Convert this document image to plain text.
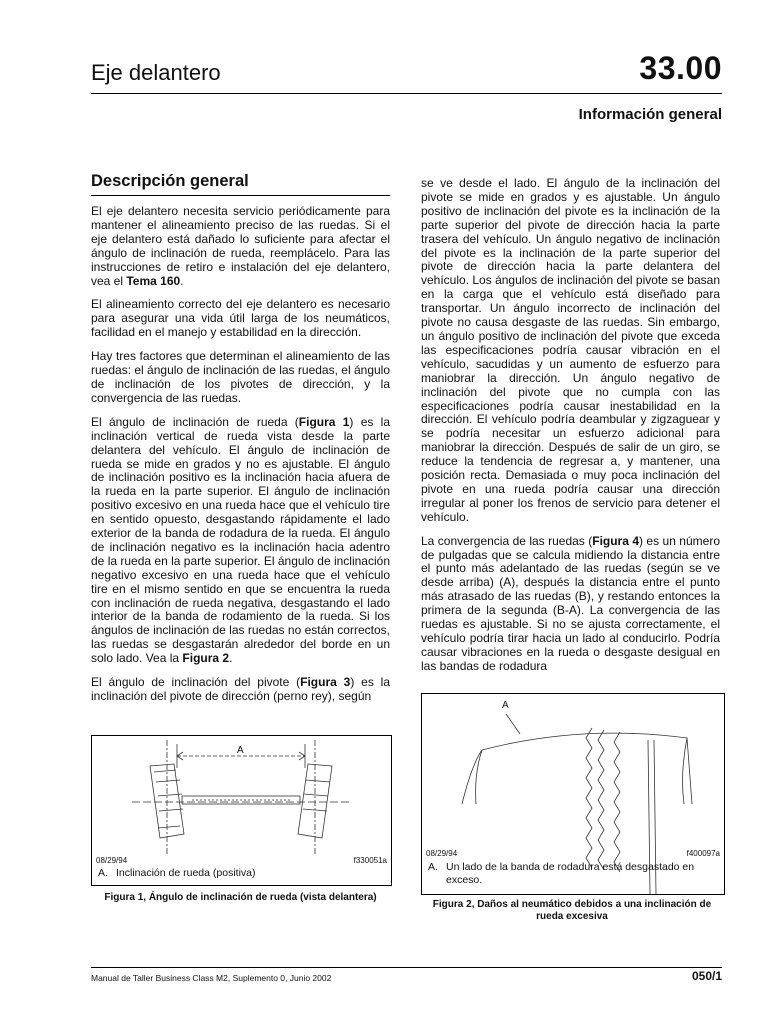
Eje delantero	33.00
Información general
Descripción general

El eje delantero necesita servicio periódicamente para mantener el alineamiento preciso de las ruedas. Si el eje delantero está dañado lo suficiente para afectar el ángulo de inclinación de rueda, reemplácelo. Para las instrucciones de retiro e instalación del eje delantero, vea el Tema 160.

El alineamiento correcto del eje delantero es necesario para asegurar una vida útil larga de los neumáticos, facilidad en el manejo y estabilidad en la dirección.

Hay tres factores que determinan el alineamiento de las ruedas: el ángulo de inclinación de las ruedas, el ángulo de inclinación de los pivotes de dirección, y la convergencia de las ruedas.

El ángulo de inclinación de rueda (Figura 1) es la inclinación vertical de rueda vista desde la parte delantera del vehículo. El ángulo de inclinación de rueda se mide en grados y no es ajustable. El ángulo de inclinación positivo es la inclinación hacia afuera de la rueda en la parte superior. El ángulo de inclinación positivo excesivo en una rueda hace que el vehículo tire en sentido opuesto, desgastando rápidamente el lado exterior de la banda de rodadura de la rueda. El ángulo de inclinación negativo es la inclinación hacia adentro de la rueda en la parte superior. El ángulo de inclinación negativo excesivo en una rueda hace que el vehículo tire en el mismo sentido en que se encuentra la rueda con inclinación de rueda negativa, desgastando el lado interior de la banda de rodamiento de la rueda. Si los ángulos de inclinación de las ruedas no están correctos, las ruedas se desgastarán alrededor del borde en un solo lado. Vea la Figura 2.

El ángulo de inclinación del pivote (Figura 3) es la inclinación del pivote de dirección (perno rey), según

se ve desde el lado. El ángulo de la inclinación del pivote se mide en grados y es ajustable. Un ángulo positivo de inclinación del pivote es la inclinación de la parte superior del pivote de dirección hacia la parte trasera del vehículo. Un ángulo negativo de inclinación del pivote es la inclinación de la parte superior del pivote de dirección hacia la parte delantera del vehículo. Los ángulos de inclinación del pivote se basan en la carga que el vehículo está diseñado para transportar. Un ángulo incorrecto de inclinación del pivote no causa desgaste de las ruedas. Sin embargo, un ángulo positivo de inclinación del pivote que exceda las especificaciones podría causar vibración en el vehículo, sacudidas y un aumento de esfuerzo para maniobrar la dirección. Un ángulo negativo de inclinación del pivote que no cumpla con las especificaciones podría causar inestabilidad en la dirección. El vehículo podría deambular y zigzaguear y se podría necesitar un esfuerzo adicional para maniobrar la dirección. Después de salir de un giro, se reduce la tendencia de regresar a, y mantener, una posición recta. Demasiada o muy poca inclinación del pivote en una rueda podría causar una dirección irregular al poner los frenos de servicio para detener el vehículo.

La convergencia de las ruedas (Figura 4) es un número de pulgadas que se calcula midiendo la distancia entre el punto más adelantado de las ruedas (según se ve desde arriba) (A), después la distancia entre el punto más atrasado de las ruedas (B), y restando entonces la primera de la segunda (B-A). La convergencia de las ruedas es ajustable. Si no se ajusta correctamente, el vehículo podría tirar hacia un lado al conducirlo. Podría causar vibraciones en la rueda o desgaste desigual en las bandas de rodadura

A
08/29/94	f330051a
A. Inclinación de rueda (positiva)
Figura 1, Ángulo de inclinación de rueda (vista delantera)
A
08/29/94	f400097a
A. Un lado de la banda de rodadura está desgastado en exceso.
Figura 2, Daños al neumático debidos a una inclinación de rueda excesiva
Manual de Taller Business Class M2, Suplemento 0, Junio 2002	050/1
